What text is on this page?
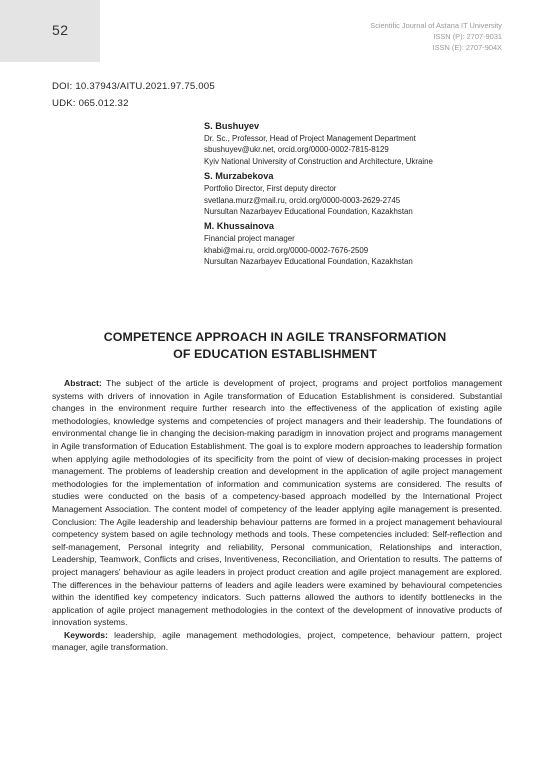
52	Scientific Journal of Astana IT University
ISSN (P): 2707-9031
ISSN (E): 2707-904X
DOI: 10.37943/AITU.2021.97.75.005
UDK: 065.012.32
S. Bushuyev
Dr. Sc., Professor, Head of Project Management Department
sbushuyev@ukr.net, orcid.org/0000-0002-7815-8129
Kyiv National University of Construction and Architecture, Ukraine
S. Murzabekova
Portfolio Director, First deputy director
svetlana.murz@mail.ru, orcid.org/0000-0003-2629-2745
Nursultan Nazarbayev Educational Foundation, Kazakhstan
M. Khussainova
Financial project manager
khabi@mai.ru, orcid.org/0000-0002-7676-2509
Nursultan Nazarbayev Educational Foundation, Kazakhstan
COMPETENCE APPROACH IN AGILE TRANSFORMATION
OF EDUCATION ESTABLISHMENT

Abstract: The subject of the article is development of project, programs and project portfolios management systems with drivers of innovation in Agile transformation of Education Establishment is considered. Substantial changes in the environment require further research into the effectiveness of the application of existing agile methodologies, knowledge systems and competencies of project managers and their leadership. The foundations of environmental change lie in changing the decision-making paradigm in innovation project and programs management in Agile transformation of Education Establishment. The goal is to explore modern approaches to leadership formation when applying agile methodologies of its specificity from the point of view of decision-making processes in project management. The problems of leadership creation and development in the application of agile project management methodologies for the implementation of information and communication systems are considered. The results of studies were conducted on the basis of a competency-based approach modelled by the International Project Management Association. The content model of competency of the leader applying agile management is presented. Conclusion: The Agile leadership and leadership behaviour patterns are formed in a project management behavioural competency system based on agile technology methods and tools. These competencies included: Self-reflection and self-management, Personal integrity and reliability, Personal communication, Relationships and interaction, Leadership, Teamwork, Conflicts and crises, Inventiveness, Reconciliation, and Orientation to results. The patterns of project managers' behaviour as agile leaders in project product creation and agile project management are explored. The differences in the behaviour patterns of leaders and agile leaders were examined by behavioural competencies within the identified key competency indicators. Such patterns allowed the authors to identify bottlenecks in the application of agile project management methodologies in the context of the development of innovative products of innovation systems.

Keywords: leadership, agile management methodologies, project, competence, behaviour pattern, project manager, agile transformation.
